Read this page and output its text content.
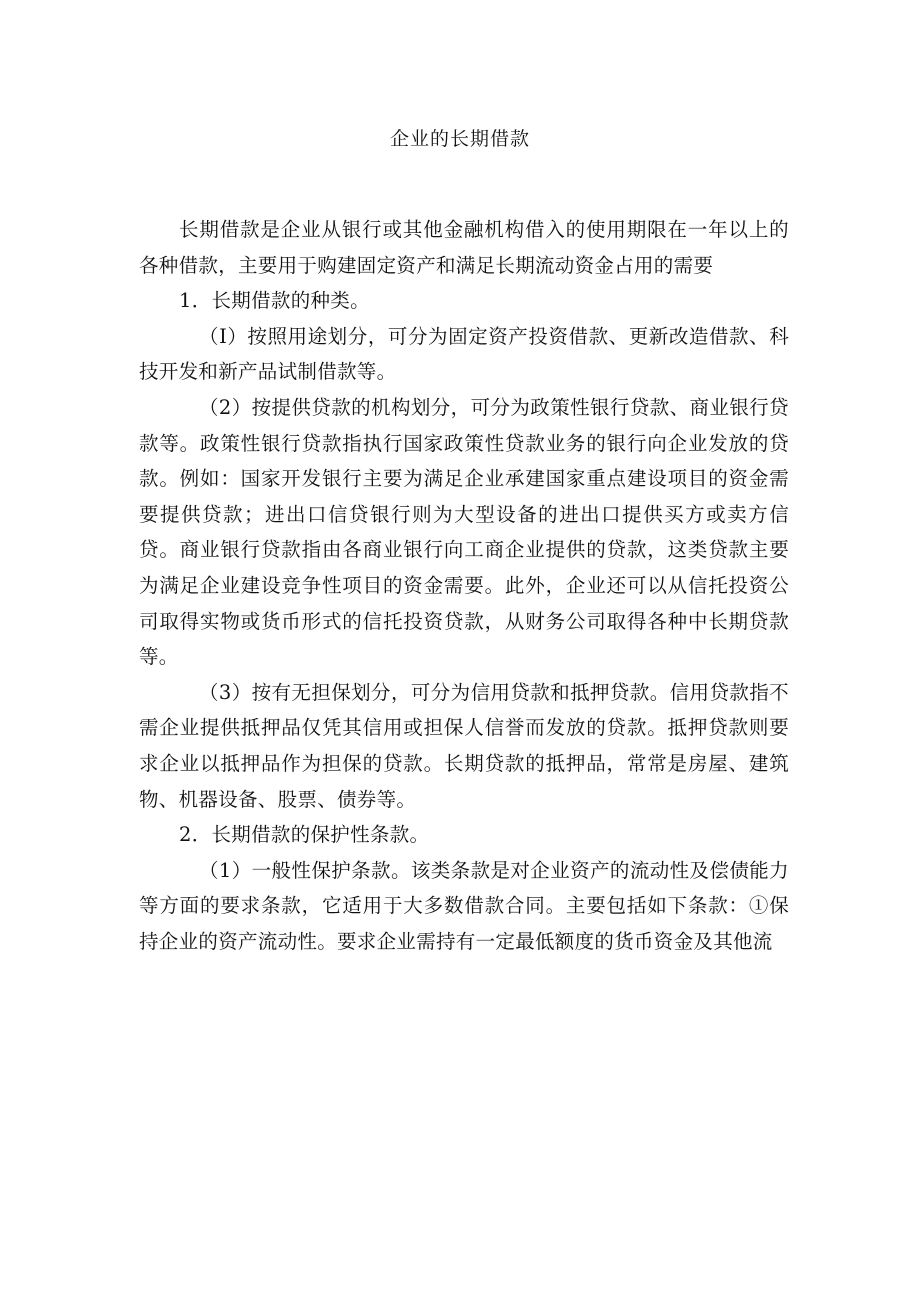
企业的长期借款

长期借款是企业从银行或其他金融机构借入的使用期限在一年以上的各种借款，主要用于购建固定资产和满足长期流动资金占用的需要

1．长期借款的种类。

（I）按照用途划分，可分为固定资产投资借款、更新改造借款、科技开发和新产品试制借款等。

（2）按提供贷款的机构划分，可分为政策性银行贷款、商业银行贷款等。政策性银行贷款指执行国家政策性贷款业务的银行向企业发放的贷款。例如：国家开发银行主要为满足企业承建国家重点建设项目的资金需要提供贷款；进出口信贷银行则为大型设备的进出口提供买方或卖方信贷。商业银行贷款指由各商业银行向工商企业提供的贷款，这类贷款主要为满足企业建设竞争性项目的资金需要。此外，企业还可以从信托投资公司取得实物或货币形式的信托投资贷款，从财务公司取得各种中长期贷款等。

（3）按有无担保划分，可分为信用贷款和抵押贷款。信用贷款指不需企业提供抵押品仅凭其信用或担保人信誉而发放的贷款。抵押贷款则要求企业以抵押品作为担保的贷款。长期贷款的抵押品，常常是房屋、建筑物、机器设备、股票、债券等。

2．长期借款的保护性条款。

（1）一般性保护条款。该类条款是对企业资产的流动性及偿债能力等方面的要求条款，它适用于大多数借款合同。主要包括如下条款：①保持企业的资产流动性。要求企业需持有一定最低额度的货币资金及其他流
